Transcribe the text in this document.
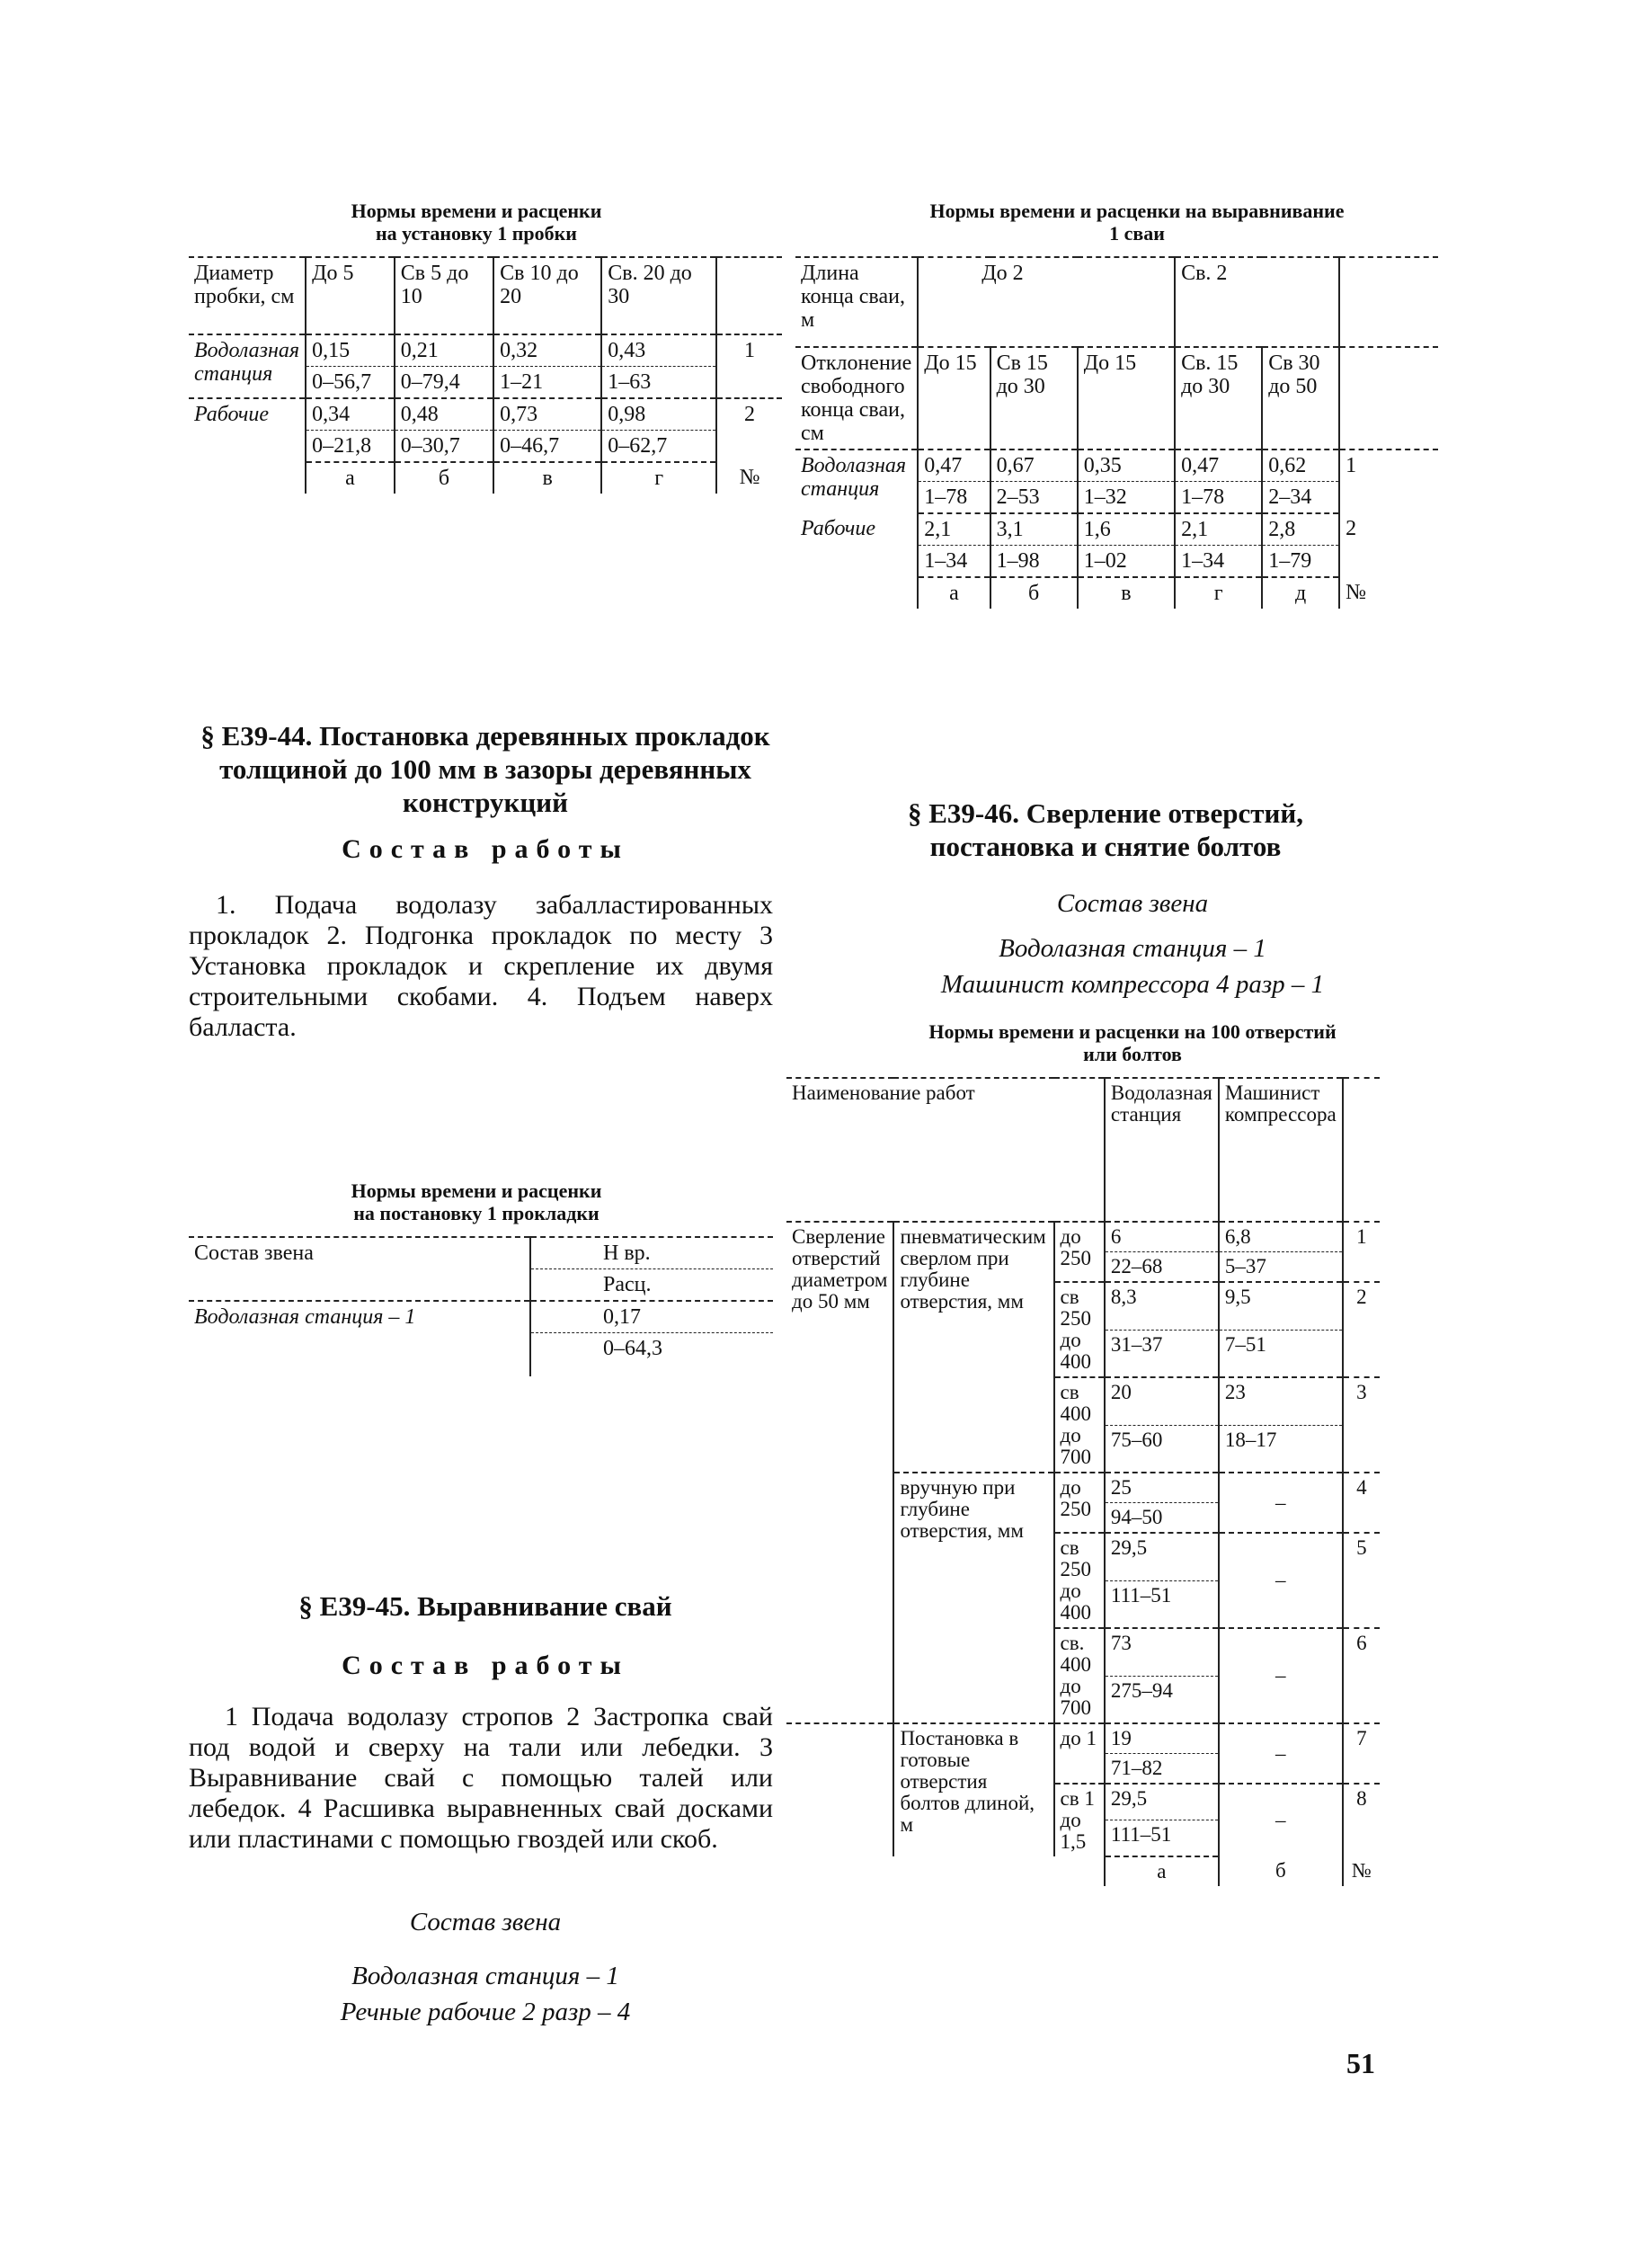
Нормы времени и расценки
на установку 1 пробки
Диаметр пробки, см	До 5	Св 5 до 10	Св 10 до 20	Св. 20 до 30	
Водолазная станция	0,15	0,21	0,32	0,43	1
	0–56,7	0–79,4	1–21	1–63	
Рабочие	0,34	0,48	0,73	0,98	2
	0–21,8	0–30,7	0–46,7	0–62,7	
	а	б	в	г	№
§ Е39-44. Постановка деревянных прокладок толщиной до 100 мм в зазоры деревянных конструкций
Состав работы

1. Подача водолазу забалластированных прокладок 2. Подгонка прокладок по месту 3 Установка прокладок и скрепление их двумя строительными скобами. 4. Подъем наверх балласта.

Нормы времени и расценки
на постановку 1 прокладки
Состав звена	Н вр.
	Расц.
Водолазная станция – 1	0,17
	0–64,3
§ Е39-45. Выравнивание свай
Состав работы

1 Подача водолазу стропов 2 Застропка свай под водой и сверху на тали или лебедки. 3 Выравнивание свай с помощью талей или лебедок. 4 Расшивка выравненных свай досками или пластинами с помощью гвоздей или скоб.

Состав звена

Водолазная станция – 1

Речные рабочие 2 разр – 4

Нормы времени и расценки на выравнивание
1 сваи
Длина конца сваи, м	До 2			Св. 2		
Отклонение свободного конца сваи, см	До 15	Св 15 до 30	До 15	Св. 15 до 30	Св 30 до 50	
Водолазная станция	0,47	0,67	0,35	0,47	0,62	1
	1–78	2–53	1–32	1–78	2–34	
Рабочие	2,1	3,1	1,6	2,1	2,8	2
	1–34	1–98	1–02	1–34	1–79	
	а	б	в	г	д	№
§ Е39-46. Сверление отверстий, постановка и снятие болтов

Состав звена

Водолазная станция – 1

Машинист компрессора 4 разр – 1

Нормы времени и расценки на 100 отверстий
или болтов
Наименование работ			Водолазная станция	Машинист компрессора	
Сверление отверстий диаметром до 50 мм	пневматическим сверлом при глубине отверстия, мм	до 250	6	6,8	1
			22–68	5–37	
		св 250 до 400	8,3	9,5	2
			31–37	7–51	
		св 400 до 700	20	23	3
			75–60	18–17	
	вручную при глубине отверстия, мм	до 250	25	–	4
			94–50		
		св 250 до 400	29,5	–	5
			111–51		
		св. 400 до 700	73	–	6
			275–94		
	Постановка в готовые отверстия болтов длиной, м	до 1	19	–	7
			71–82		
		св 1 до 1,5	29,5	–	8
			111–51		
			а	б	№
51
